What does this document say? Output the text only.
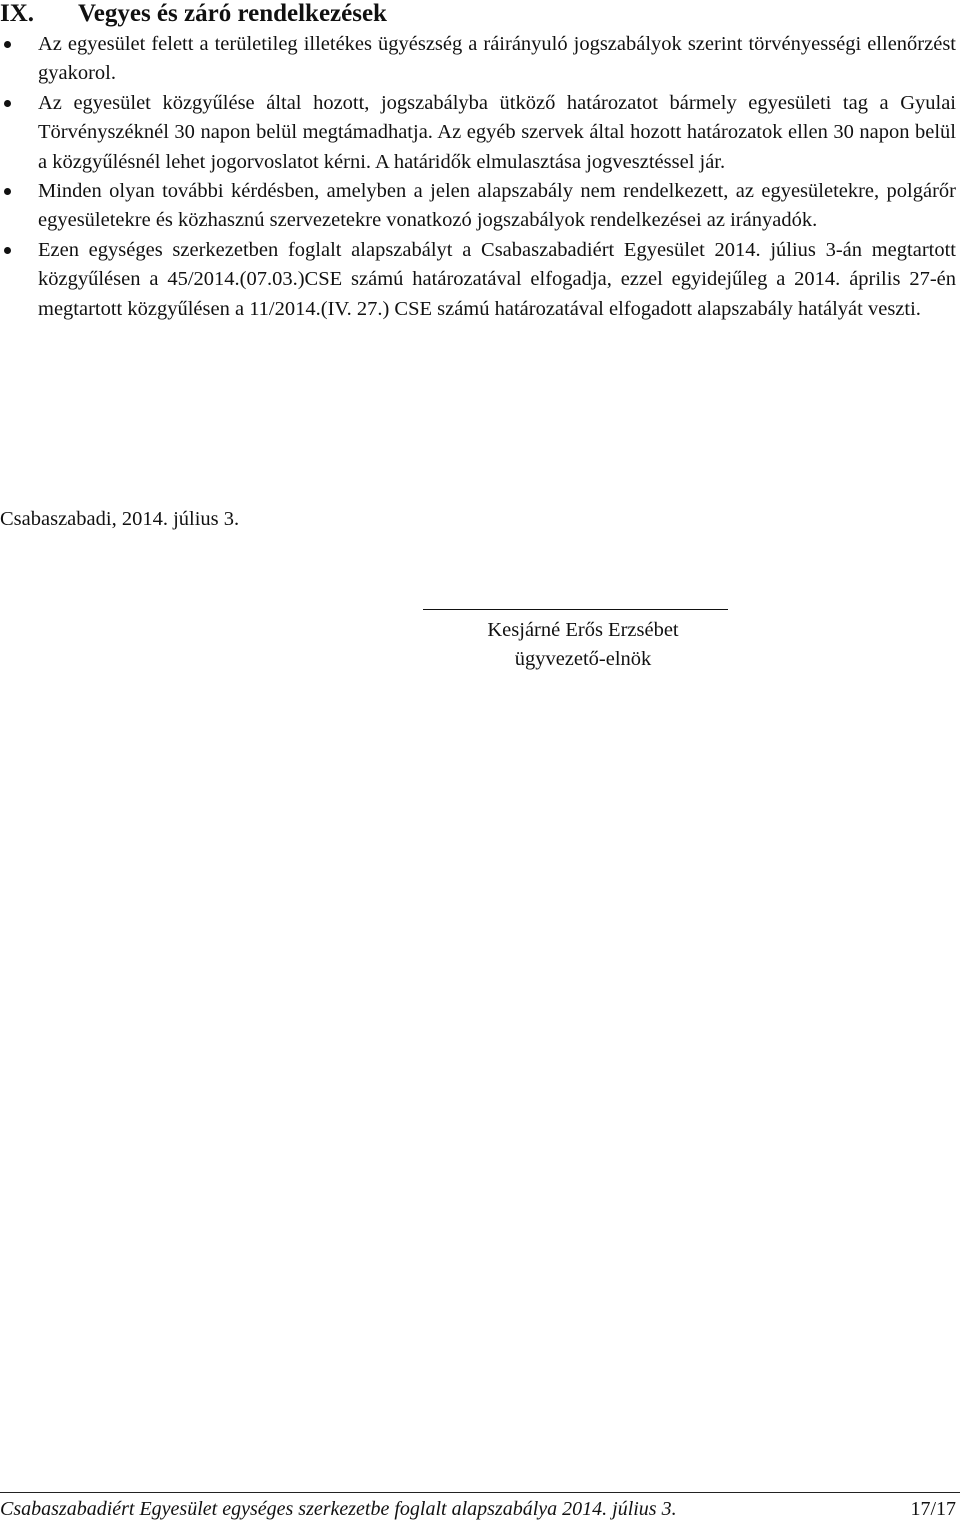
IX. Vegyes és záró rendelkezések
Az egyesület felett a területileg illetékes ügyészség a ráirányuló jogszabályok szerint törvényességi ellenőrzést gyakorol.
Az egyesület közgyűlése által hozott, jogszabályba ütköző határozatot bármely egyesületi tag a Gyulai Törvényszéknél 30 napon belül megtámadhatja. Az egyéb szervek által hozott határozatok ellen 30 napon belül a közgyűlésnél lehet jogorvoslatot kérni. A határidők elmulasztása jogvesztéssel jár.
Minden olyan további kérdésben, amelyben a jelen alapszabály nem rendelkezett, az egyesületekre, polgárőr egyesületekre és közhasznú szervezetekre vonatkozó jogszabályok rendelkezései az irányadók.
Ezen egységes szerkezetben foglalt alapszabályt a Csabaszabadiért Egyesület 2014. július 3-án megtartott közgyűlésen a 45/2014.(07.03.)CSE számú határozatával elfogadja, ezzel egyidejűleg a 2014. április 27-én megtartott közgyűlésen a 11/2014.(IV. 27.) CSE számú határozatával elfogadott alapszabály hatályát veszti.
Csabaszabadi, 2014. július 3.
Kesjárné Erős Erzsébet
ügyvezető-elnök
Csabaszabadiért Egyesület egységes szerkezetbe foglalt alapszabálya 2014. július 3.	17/17
